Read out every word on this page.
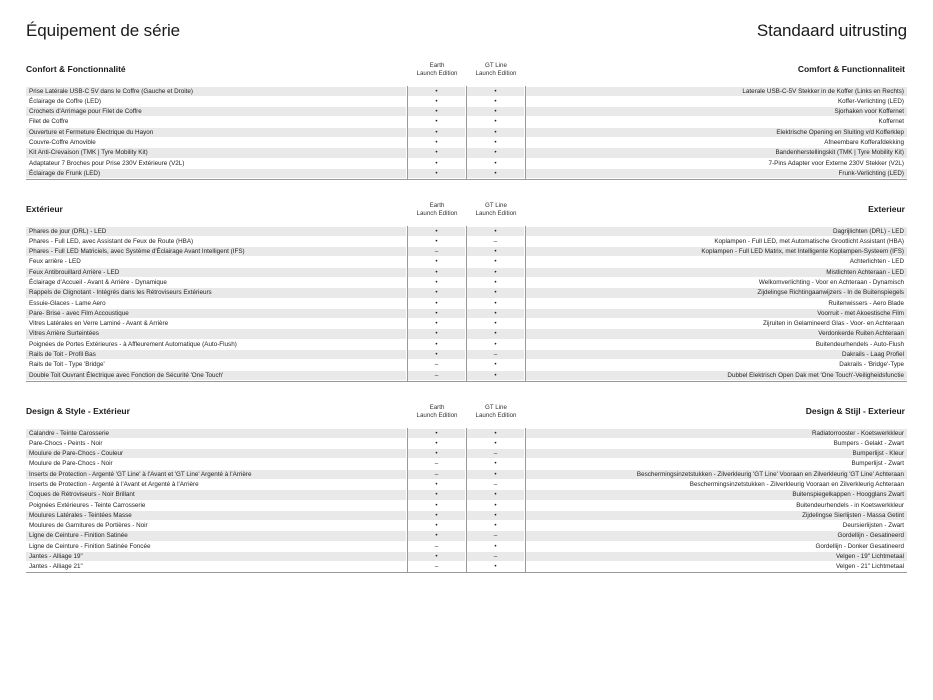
Équipement de série	Standaard uitrusting
Confort & Fonctionnalité	Comfort & Functionnaliteit
Earth
Launch Edition
GT Line
Launch Edition
Prise Latérale USB-C 5V dans le Coffre (Gauche et Droite)	•	•	Laterale USB-C-5V Stekker in de Koffer (Links en Rechts)
Éclairage de Coffre (LED)	•	•	Koffer-Verlichting (LED)
Crochets d'Arrimage pour Filet de Coffre	•	•	Sjorhaken voor Koffernet
Filet de Coffre	•	•	Koffernet
Ouverture et Fermeture Électrique du Hayon	•	•	Elektrische Opening en Sluiting v/d Kofferklep
Couvre-Coffre Amovible	•	•	Afneembare Kofferafdekking
Kit Anti-Crevaison (TMK | Tyre Mobility Kit)	•	•	Bandenherstellingskit (TMK | Tyre Mobility Kit)
Adaptateur 7 Broches pour Prise 230V Extérieure (V2L)	•	•	7-Pins Adapter voor Externe 230V Stekker (V2L)
Éclairage de Frunk (LED)	•	•	Frunk-Verlichting (LED)
Extérieur	Exterieur
Earth
Launch Edition
GT Line
Launch Edition
Phares de jour (DRL) - LED	•	•	Dagrijlichten (DRL) - LED
Phares - Full LED, avec Assistant de Feux de Route (HBA)	•	–	Koplampen - Full LED, met Automatische Grootlicht Assistant (HBA)
Phares - Full LED Matriciels, avec Système d'Éclairage Avant Intelligent (IFS)	–	•	Koplampen - Full LED Matrix, met Intelligente Koplampen-Systeem (IFS)
Feux arrière - LED	•	•	Achterlichten - LED
Feux Antibrouillard Arrière - LED	•	•	Mistlichten Achteraan - LED
Éclairage d'Accueil - Avant & Arrière - Dynamique	•	•	Welkomverlichting - Voor en Achteraan - Dynamisch
Rappels de Clignotant - Intégrés dans les Rétroviseurs Extérieurs	•	•	Zijdelingse Richtingaanwijzers - In de Buitenspiegels
Essuie-Glaces - Lame Aero	•	•	Ruitenwissers - Aero Blade
Pare- Brise - avec Film Accoustique	•	•	Voorruit - met Akoestische Film
Vitres Latérales en Verre Laminé - Avant & Arrière	•	•	Zijruiten in Gelamineerd Glas - Voor- en Achteraan
Vitres Arrière Surteintées	•	•	Verdonkerde Ruiten Achteraan
Poignées de Portes Extérieures - à Affleurement Automatique (Auto-Flush)	•	•	Buitendeurhendels - Auto-Flush
Rails de Toit - Profil Bas	•	–	Dakrails - Laag Profiel
Rails de Toit - Type 'Bridge'	–	•	Dakrails - 'Bridge'-Type
Double Toit Ouvrant Électrique avec Fonction de Sécurité 'One Touch'	–	•	Dubbel Elektrisch Open Dak met 'One Touch'-Veiligheidsfunctie
Design & Style - Extérieur	Design & Stijl - Exterieur
Earth
Launch Edition
GT Line
Launch Edition
Calandre - Teinte Carosserie	•	•	Radiatorrooster - Koetswerkkleur
Pare-Chocs - Peints - Noir	•	•	Bumpers - Gelakt - Zwart
Moulure de Pare-Chocs - Couleur	•	–	Bumperlijst - Kleur
Moulure de Pare-Chocs - Noir	–	•	Bumperlijst - Zwart
Inserts de Protection - Argenté 'GT Line' à l'Avant et 'GT Line' Argenté à l'Arrière	–	•	Beschermingsinzetstukken - Zilverkleurig 'GT Line' Vooraan en Zilverkleurig 'GT Line' Achteraan
Inserts de Protection - Argenté à l'Avant et Argenté à l'Arrière	•	–	Beschermingsinzetstukken - Zilverkleurig Vooraan en Zilverkleurig Achteraan
Coques de Rétroviseurs - Noir Brillant	•	•	Buitenspiegelkappen - Hoogglans Zwart
Poignées Extérieures - Teinte Carrosserie	•	•	Buitendeurhendels - in Koetswerkkleur
Moulures Latérales - Teintées Masse	•	•	Zijdelingse Sierlijsten - Massa Getint
Moulures de Garnitures de Portières - Noir	•	•	Deursierlijsten - Zwart
Ligne de Ceinture - Finition Satinée	•	–	Gordellijn - Gesatineerd
Ligne de Ceinture - Finition Satinée Foncée	–	•	Gordellijn - Donker Gesatineerd
Jantes - Alliage 19"	•	–	Velgen - 19" Lichtmetaal
Jantes - Alliage 21"	–	•	Velgen - 21" Lichtmetaal
